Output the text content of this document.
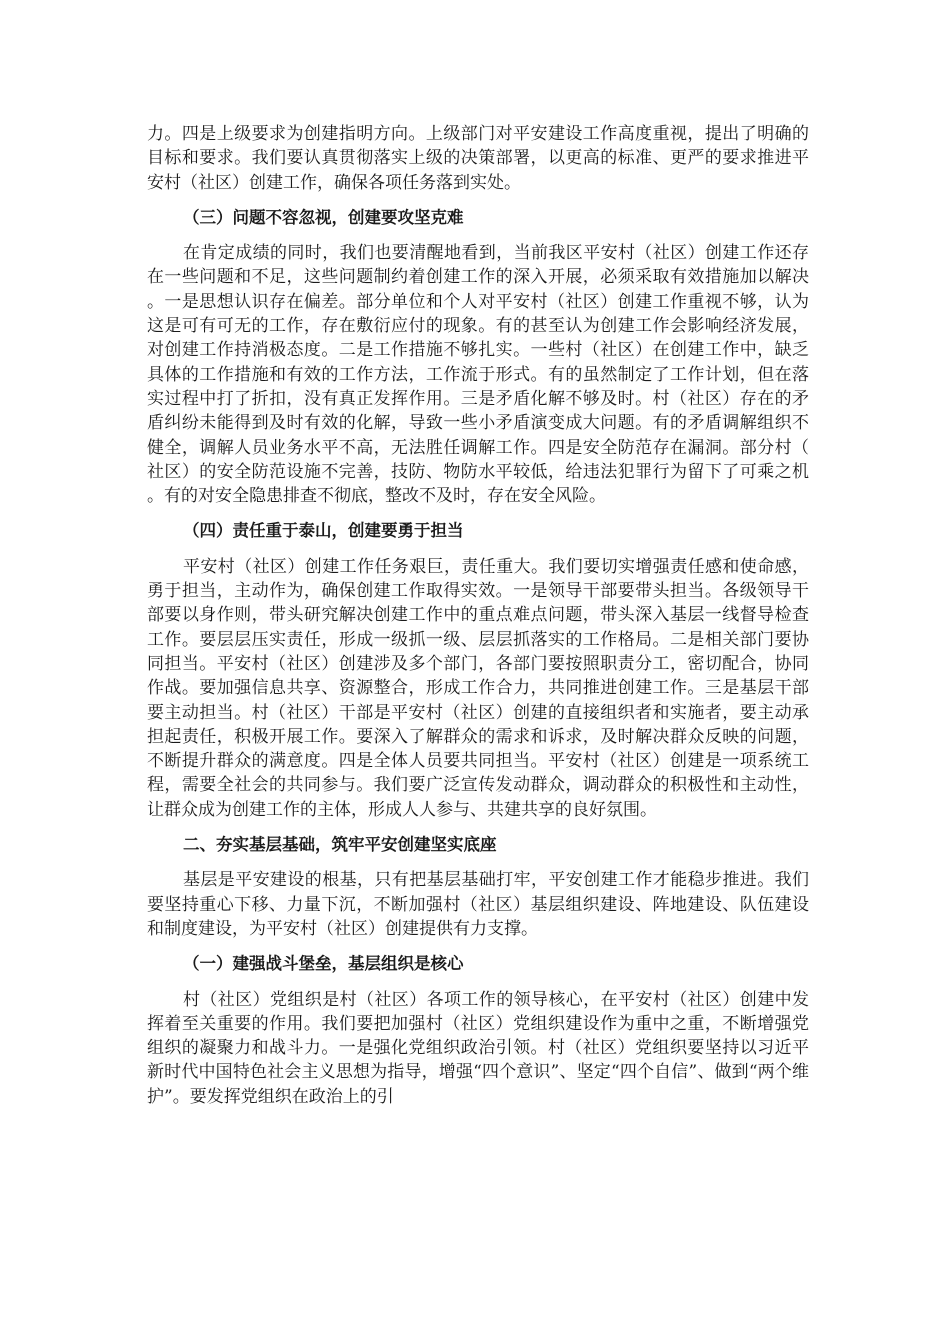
力。四是上级要求为创建指明方向。上级部门对平安建设工作高度重视，提出了明确的目标和要求。我们要认真贯彻落实上级的决策部署，以更高的标准、更严的要求推进平安村（社区）创建工作，确保各项任务落到实处。

（三）问题不容忽视，创建要攻坚克难

在肯定成绩的同时，我们也要清醒地看到，当前我区平安村（社区）创建工作还存在一些问题和不足，这些问题制约着创建工作的深入开展，必须采取有效措施加以解决。一是思想认识存在偏差。部分单位和个人对平安村（社区）创建工作重视不够，认为这是可有可无的工作，存在敷衍应付的现象。有的甚至认为创建工作会影响经济发展，对创建工作持消极态度。二是工作措施不够扎实。一些村（社区）在创建工作中，缺乏具体的工作措施和有效的工作方法，工作流于形式。有的虽然制定了工作计划，但在落实过程中打了折扣，没有真正发挥作用。三是矛盾化解不够及时。村（社区）存在的矛盾纠纷未能得到及时有效的化解，导致一些小矛盾演变成大问题。有的矛盾调解组织不健全，调解人员业务水平不高，无法胜任调解工作。四是安全防范存在漏洞。部分村（社区）的安全防范设施不完善，技防、物防水平较低，给违法犯罪行为留下了可乘之机。有的对安全隐患排查不彻底，整改不及时，存在安全风险。

（四）责任重于泰山，创建要勇于担当

平安村（社区）创建工作任务艰巨，责任重大。我们要切实增强责任感和使命感，勇于担当，主动作为，确保创建工作取得实效。一是领导干部要带头担当。各级领导干部要以身作则，带头研究解决创建工作中的重点难点问题，带头深入基层一线督导检查工作。要层层压实责任，形成一级抓一级、层层抓落实的工作格局。二是相关部门要协同担当。平安村（社区）创建涉及多个部门，各部门要按照职责分工，密切配合，协同作战。要加强信息共享、资源整合，形成工作合力，共同推进创建工作。三是基层干部要主动担当。村（社区）干部是平安村（社区）创建的直接组织者和实施者，要主动承担起责任，积极开展工作。要深入了解群众的需求和诉求，及时解决群众反映的问题，不断提升群众的满意度。四是全体人员要共同担当。平安村（社区）创建是一项系统工程，需要全社会的共同参与。我们要广泛宣传发动群众，调动群众的积极性和主动性，让群众成为创建工作的主体，形成人人参与、共建共享的良好氛围。

二、夯实基层基础，筑牢平安创建坚实底座

基层是平安建设的根基，只有把基层基础打牢，平安创建工作才能稳步推进。我们要坚持重心下移、力量下沉，不断加强村（社区）基层组织建设、阵地建设、队伍建设和制度建设，为平安村（社区）创建提供有力支撑。

（一）建强战斗堡垒，基层组织是核心

村（社区）党组织是村（社区）各项工作的领导核心，在平安村（社区）创建中发挥着至关重要的作用。我们要把加强村（社区）党组织建设作为重中之重，不断增强党组织的凝聚力和战斗力。一是强化党组织政治引领。村（社区）党组织要坚持以习近平新时代中国特色社会主义思想为指导，增强“四个意识”、坚定“四个自信”、做到“两个维护”。要发挥党组织在政治上的引
